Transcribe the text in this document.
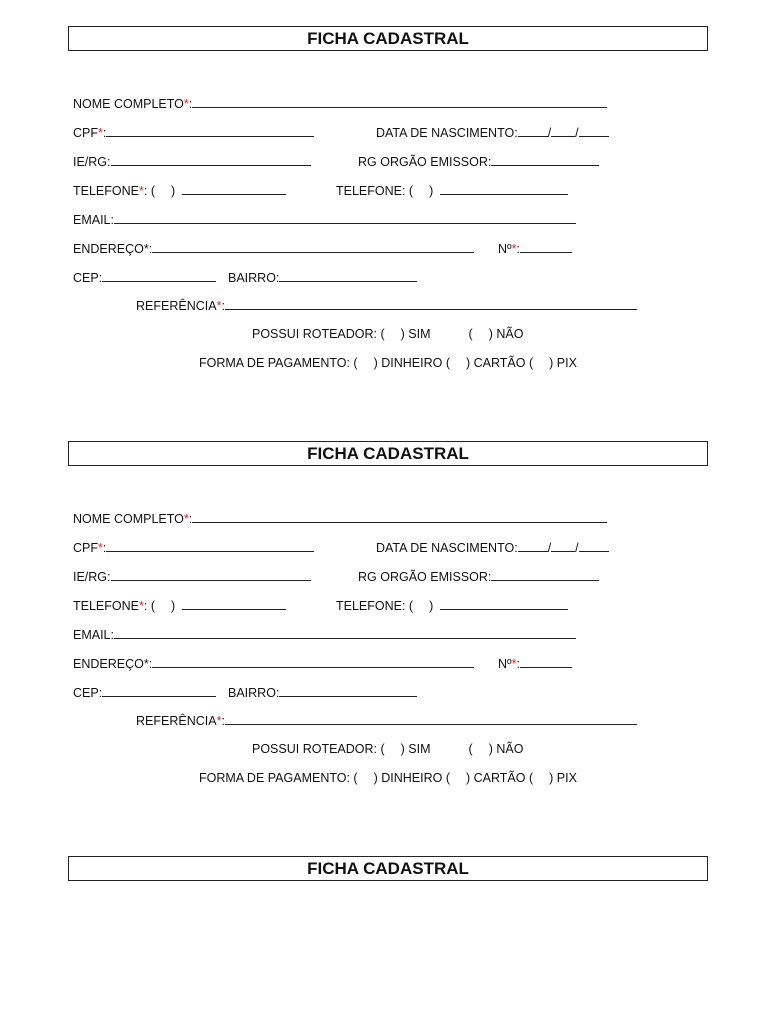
FICHA CADASTRAL
NOME COMPLETO*:
CPF*:	DATA DE NASCIMENTO: / /
IE/RG:	RG ORGÃO EMISSOR:
TELEFONE*: ( )	TELEFONE: ( )
EMAIL:
ENDEREÇO*:	Nº*:
CEP:	BAIRRO:
REFERÊNCIA*:
POSSUI ROTEADOR: ( ) SIM	( ) NÃO
FORMA DE PAGAMENTO: ( ) DINHEIRO ( ) CARTÃO ( ) PIX
FICHA CADASTRAL
NOME COMPLETO*:
CPF*:	DATA DE NASCIMENTO: / /
IE/RG:	RG ORGÃO EMISSOR:
TELEFONE*: ( )	TELEFONE: ( )
EMAIL:
ENDEREÇO*:	Nº*:
CEP:	BAIRRO:
REFERÊNCIA*:
POSSUI ROTEADOR: ( ) SIM	( ) NÃO
FORMA DE PAGAMENTO: ( ) DINHEIRO ( ) CARTÃO ( ) PIX
FICHA CADASTRAL
